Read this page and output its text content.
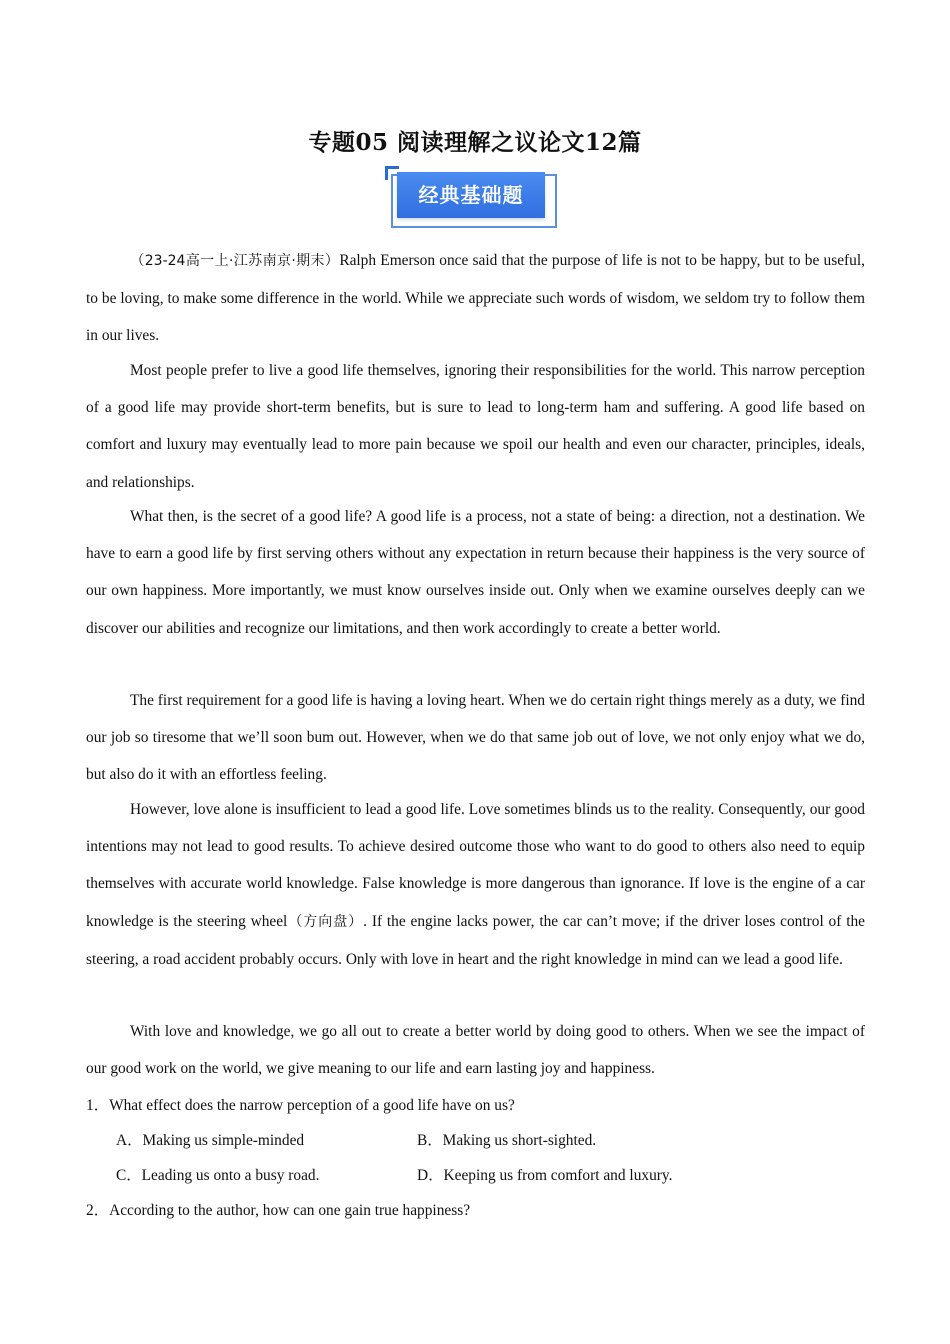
专题05 阅读理解之议论文12篇
经典基础题

（23-24高一上·江苏南京·期末）Ralph Emerson once said that the purpose of life is not to be happy, but to be useful, to be loving, to make some difference in the world. While we appreciate such words of wisdom, we seldom try to follow them in our lives.

Most people prefer to live a good life themselves, ignoring their responsibilities for the world. This narrow perception of a good life may provide short-term benefits, but is sure to lead to long-term ham and suffering. A good life based on comfort and luxury may eventually lead to more pain because we spoil our health and even our character, principles, ideals, and relationships.

What then, is the secret of a good life? A good life is a process, not a state of being: a direction, not a destination. We have to earn a good life by first serving others without any expectation in return because their happiness is the very source of our own happiness. More importantly, we must know ourselves inside out. Only when we examine ourselves deeply can we discover our abilities and recognize our limitations, and then work accordingly to create a better world.

The first requirement for a good life is having a loving heart. When we do certain right things merely as a duty, we find our job so tiresome that we’ll soon bum out. However, when we do that same job out of love, we not only enjoy what we do, but also do it with an effortless feeling.

However, love alone is insufficient to lead a good life. Love sometimes blinds us to the reality. Consequently, our good intentions may not lead to good results. To achieve desired outcome those who want to do good to others also need to equip themselves with accurate world knowledge. False knowledge is more dangerous than ignorance. If love is the engine of a car knowledge is the steering wheel（方向盘）. If the engine lacks power, the car can’t move; if the driver loses control of the steering, a road accident probably occurs. Only with love in heart and the right knowledge in mind can we lead a good life.

With love and knowledge, we go all out to create a better world by doing good to others. When we see the impact of our good work on the world, we give meaning to our life and earn lasting joy and happiness.

1．What effect does the narrow perception of a good life have on us?
A．Making us simple-minded	B．Making us short-sighted.
C．Leading us onto a busy road.	D．Keeping us from comfort and luxury.
2．According to the author, how can one gain true happiness?
